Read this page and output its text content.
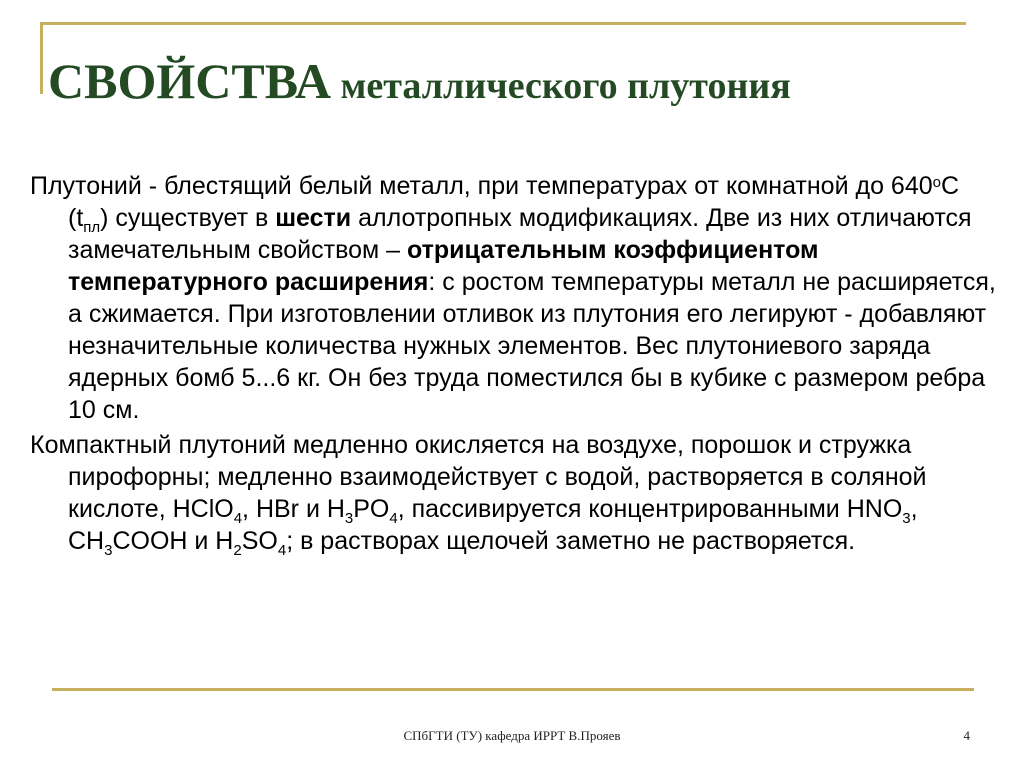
СВОЙСТВА металлического плутония

Плутоний - блестящий белый металл, при температурах от комнатной до $640^оС$ $(t_{пл})$ существует в шести аллотропных модификациях. Две из них отличаются замечательным свойством – отрицательным коэффициентом температурного расширения: с ростом температуры металл не расширяется, а сжимается. При изготовлении отливок из плутония его легируют - добавляют незначительные количества нужных элементов. Вес плутониевого заряда ядерных бомб 5...6 кг. Он без труда поместился бы в кубике с размером ребра 10 см.

Компактный плутоний медленно окисляется на воздухе, порошок и стружка пирофорны; медленно взаимодействует с водой, растворяется в соляной кислоте, HClO$_4$, HBr и $H_3PO_4$, пассивируется концентрированными $HNO_3$, $CH_3COOH$ и $H_2SO_4$; в растворах щелочей заметно не растворяется.

СПбГТИ (ТУ) кафедра ИРРТ В.Прояев	4
